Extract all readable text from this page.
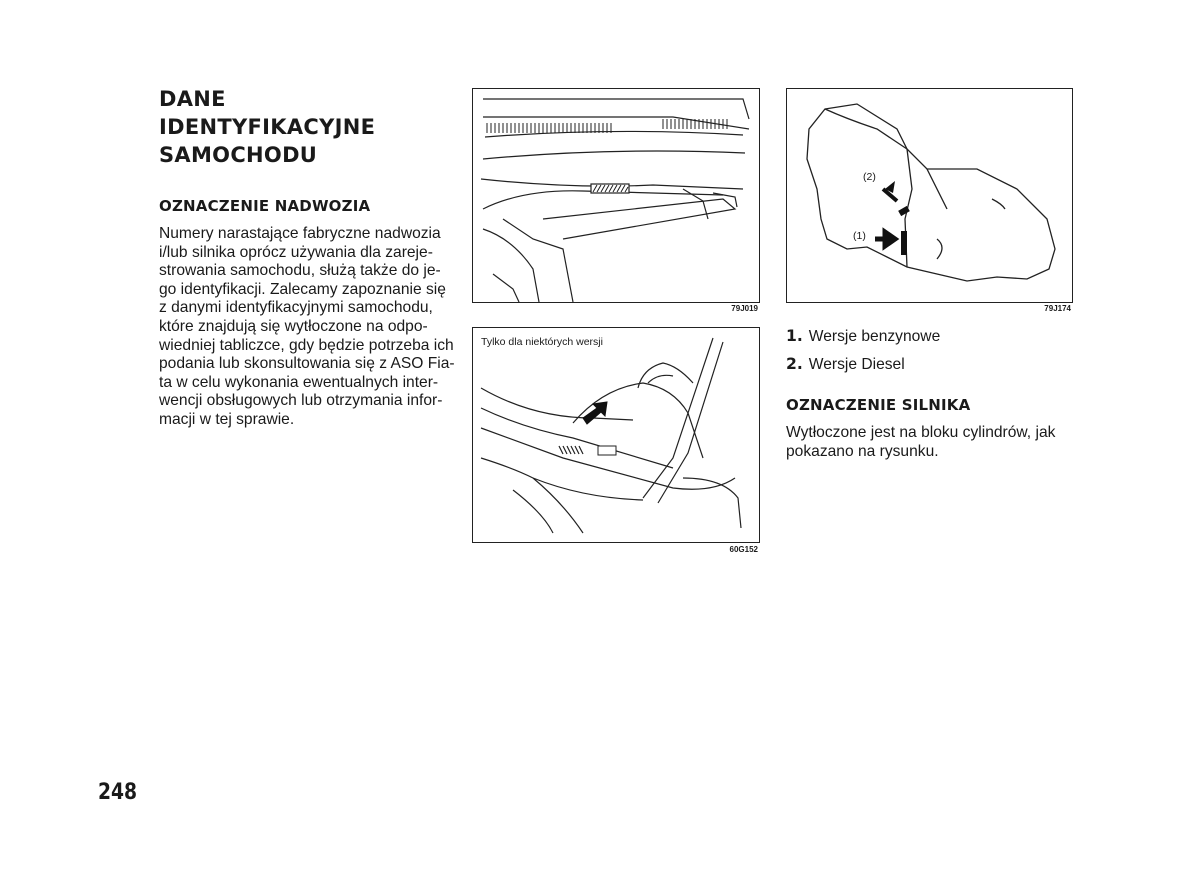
DANE
IDENTYFIKACYJNE
SAMOCHODU
OZNACZENIE NADWOZIA
Numery narastające fabryczne nadwozia
i/lub silnika oprócz używania dla zareje-
strowania samochodu, służą także do je-
go identyfikacji. Zalecamy zapoznanie się
z danymi identyfikacyjnymi samochodu,
które znajdują się wytłoczone na odpo-
wiedniej tabliczce, gdy będzie potrzeba ich
podania lub skonsultowania się z ASO Fia-
ta w celu wykonania ewentualnych inter-
wencji obsługowych lub otrzymania infor-
macji w tej sprawie.
79J019
Tylko dla niektórych wersji
60G152
(2)
(1)
79J174
1. Wersje benzynowe
2. Wersje Diesel
OZNACZENIE SILNIKA
Wytłoczone jest na bloku cylindrów, jak
pokazano na rysunku.
248
